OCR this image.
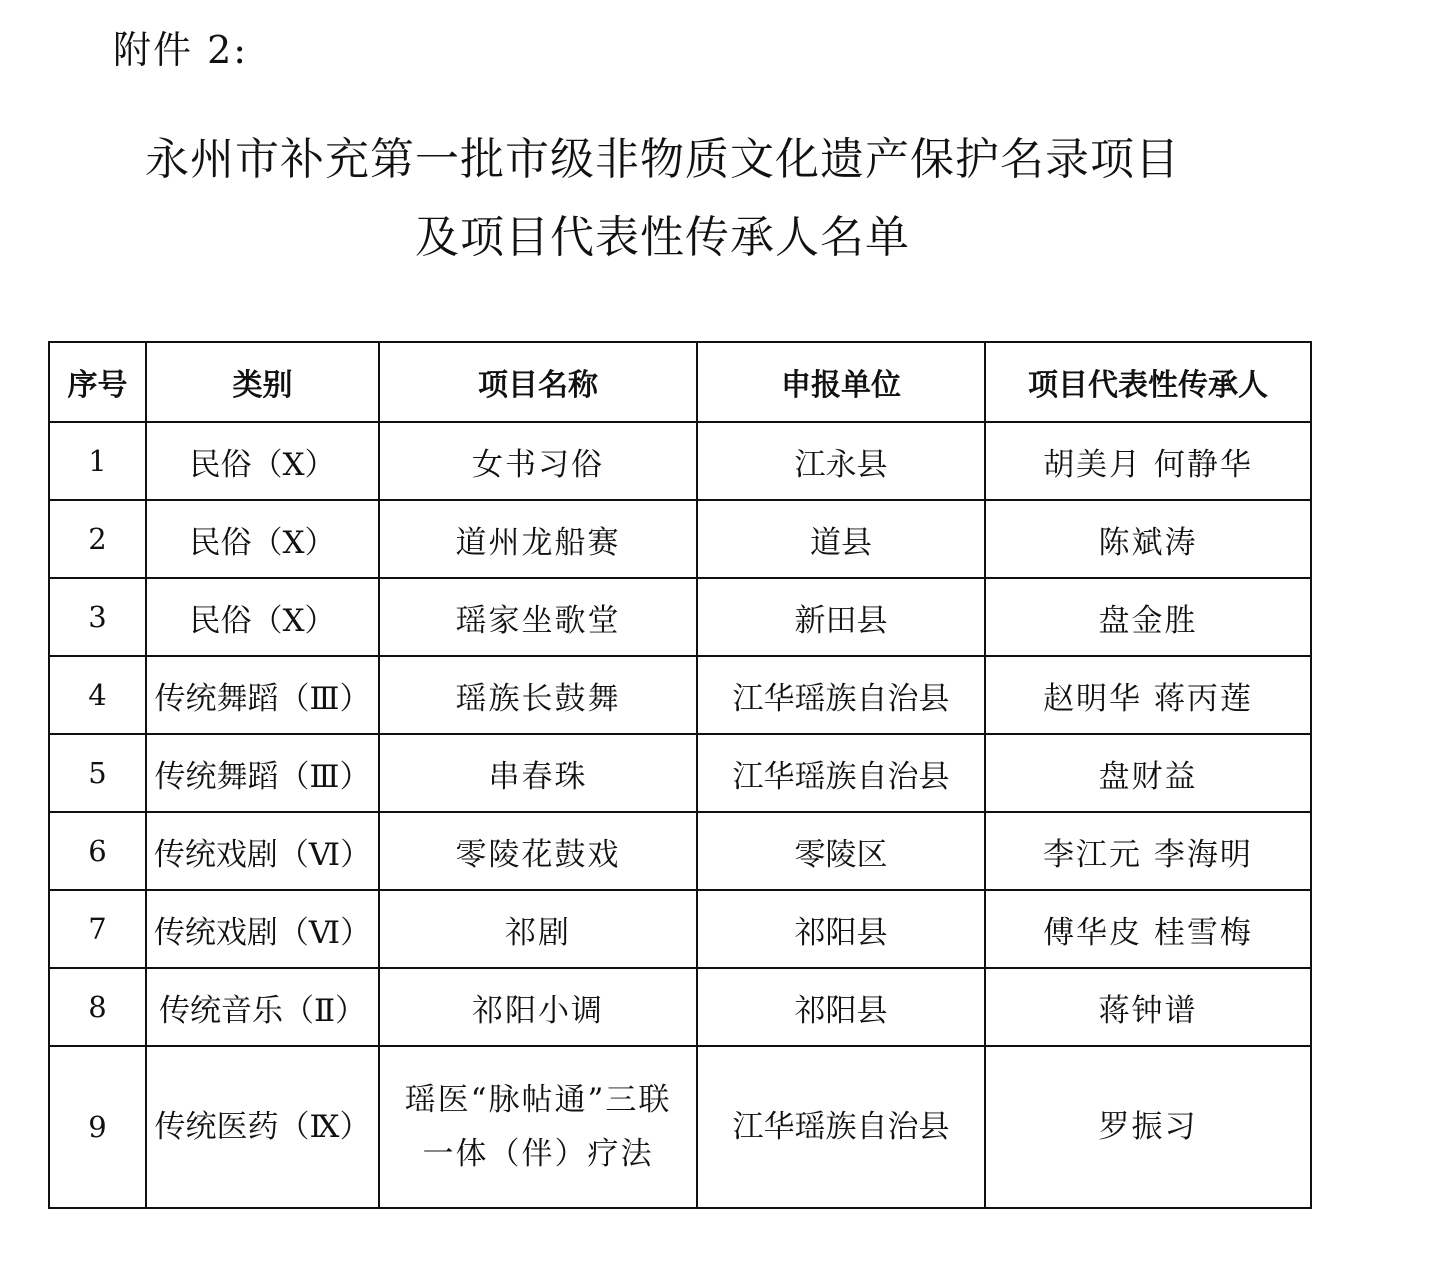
附件 2:
永州市补充第一批市级非物质文化遗产保护名录项目
及项目代表性传承人名单
序号	类别	项目名称	申报单位	项目代表性传承人
1	民俗（X）	女书习俗	江永县	胡美月 何静华
2	民俗（X）	道州龙船赛	道县	陈斌涛
3	民俗（X）	瑶家坐歌堂	新田县	盘金胜
4	传统舞蹈（Ⅲ）	瑶族长鼓舞	江华瑶族自治县	赵明华 蒋丙莲
5	传统舞蹈（Ⅲ）	串春珠	江华瑶族自治县	盘财益
6	传统戏剧（Ⅵ）	零陵花鼓戏	零陵区	李江元 李海明
7	传统戏剧（Ⅵ）	祁剧	祁阳县	傅华皮 桂雪梅
8	传统音乐（Ⅱ）	祁阳小调	祁阳县	蒋钟谱
9	传统医药（Ⅸ）	瑶医“脉帖通”三联
一体（伴）疗法	江华瑶族自治县	罗振习
